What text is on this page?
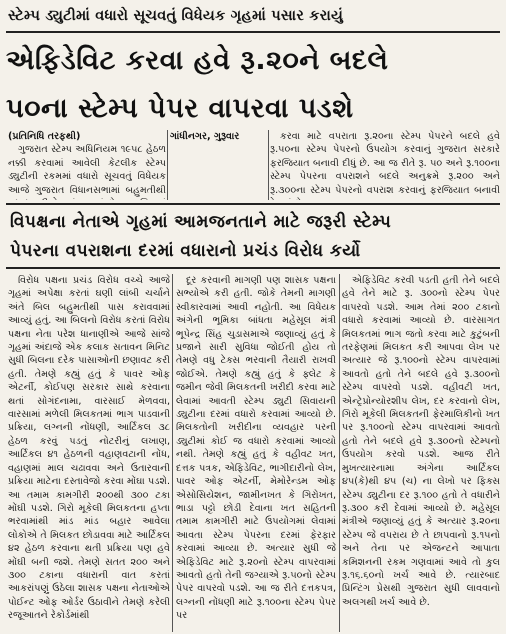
સ્ટેમ્પ ડ્યુટીમાં વધારો સૂચવતું વિધેયક ગૃહમાં પસાર કરાયું
એફિડેવિટ કરવા હવે રૂ.૨૦ને બદલે
૫૦ના સ્ટેમ્પ પેપર વાપરવા પડશે
(પ્રતિનિધિ તરફથી)

ગુજરાત સ્ટેમ્પ અધિનિયમ ૧૯૫૮ હેઠળ નક્કી કરવામાં આવેલી કેટલીક સ્ટેમ્પ ડ્યુટીની રકમમાં વધારો સૂચવતું વિધેયક આજે ગુજરાત વિધાનસભામાં બહુમતીથી

ગાંધીનગર, ગુરૂવાર	કરવા માટે વપરાતા રૂ.૨૦ના સ્ટેમ્પ પેપરને બદલે હવે રૂ.૫૦ના સ્ટેમ્પ પેપરનો ઉપયોગ કરવાનું ગુજરાત સરકારે ફરજિયાત બનાવી દીધું છે. આ જ રીતે રૂ. ૫૦ અને રૂ.૧૦૦ના સ્ટેમ્પ પેપરના વપરાશને બદલે અનુક્રમે રૂ.૨૦૦ અને રૂ.૩૦૦ના સ્ટેમ્પ પેપરનો વપરાશ કરવાનું ફરજિયાત બનાવી

વિપક્ષના નેતાએ ગૃહમાં આમજનતાને માટે જરૂરી સ્ટેમ્પ
પેપરના વપરાશના દરમાં વધારાનો પ્રચંડ વિરોધ કર્યો

વિરોધ પક્ષના પ્રચંડ વિરોધ વચ્ચે આજે ગૃહમાં અપેક્ષા કરતાં ઘણી લાંબી ચર્ચાને અંતે બિલ બહુમતીથી પાસ કરાવવામાં આવ્યું હતું. આ બિલનો વિરોધ કરતાં વિરોધ પક્ષના નેતા પરેશ ધાનાણીએ આજે સાંજે ગૃહમાં અંદાજે એક કલાક સતાવન મિનિટ સુધી બિલના દરેક પાસાઓની છણાવટ કરી હતી. તેમણે કહ્યું હતું કે પાવર ઓફ એટર્ની, કોઈપણ સરકાર સાથે કરવાના થતાં સોગંદનામા, વારસાઈ મેળવવા, વારસામાં મળેલી મિલકતમાં ભાગ પાડવાની પ્રક્રિયા, લગ્નની નોંધણી, આર્ટિકલ ૩૮ હેઠળ કરવું પડતું નોટરીનું લખાણ, આર્ટિકલ ૪૧ હેઠળની વહાણવટાની નોંધ, વહાણમાં માલ ચઢાવવા અને ઉતારવાની પ્રક્રિયા માટેના દસ્તાવેજો કરવા મોંઘા પડશે. આ તમામ કામગીરી ૨૦૦થી ૩૦૦ ટકા મોંઘી પડશે. ગિરો મૂકેલી મિલકતના હપ્તા ભરવામાંથી માંડ માંડ બહાર આવેલા લોકોએ તે મિલકત છોડાવવા માટે આર્ટિકલ ૪૨ હેઠળ કરવાના થતી પ્રક્રિયા પણ હવે મોંઘી બની જશે. તેમણે સતત ૨૦૦ અને ૩૦૦ ટકાના વધારાની વાત કરતાં આકરાંપણું ઉઠેલા શાસક પક્ષના નેતાઓએ પોઈન્ટ ઓફ ઓર્ડર ઉઠાવીને તેમણે કરેલી રજૂઆતને રેકોર્ડમાંથી

દૂર કરવાની માગણી પણ શાસક પક્ષના સભ્યોએ કરી હતી. જોકે તેમની માગણી સ્વીકારવામાં આવી નહોતી. આ વિધેયક અંગેની ભૂમિકા બાંધતા મહેસૂલ મંત્રી ભૂપેન્દ્ર સિંહ ચુડાસમાએ જણાવ્યું હતું કે પ્રજાને સારી સુવિધા જોઈતી હોય તો તેમણે વધુ ટેક્સ ભરવાની તૈયારી રાખવી જોઈએ. તેમણે કહ્યું હતું કે ફ્લેટ કે જમીન જેવી મિલકતની ખરીદી કરવા માટે લેવામાં આવતી સ્ટેમ્પ ડ્યુટી સિવાયની ડ્યુટીના દરમાં વધારો કરવામાં આવ્યો છે. મિલકતોની ખરીદીના વ્યવહાર પરની ડ્યુટીમાં કોઈ જ વધારો કરવામાં આવ્યો નથી. તેમણે કહ્યું હતું કે વહીવટ ખત, દત્તક પત્રક, એફિડેવિટ, ભાગીદારીનો લેખ, પાવર ઓફ એટર્ની, મેમોરેન્ડમ ઓફ એસોસિયેશન, જામીનખત કે ગિરોખત, ભાડા પટ્ટો છોડી દેવાના ખત સહિતની તમામ કામગીરી માટે ઉપયોગમાં લેવામાં આવતા સ્ટેમ્પ પેપરના દરમાં ફેરફાર કરવામાં આવ્યા છે. અત્યાર સુધી જે એફિડેવિટ માટે રૂ.૨૦નો સ્ટેમ્પ વાપરવામાં આવતો હતો તેની જગ્યાએ રૂ.૫૦નો સ્ટેમ્પ પેપર વાપરવો પડશે. આ જ રીતે દત્તકપત્ર, લગ્નની નોંધણી માટે રૂ.૧૦૦ના સ્ટેમ્પ પેપર પર

એફિડેવિટ કરવી પડતી હતી તેને બદલે હવે તેને માટે રૂ. ૩૦૦નો સ્ટેમ્પ પેપર વાપરવો પડશે. આમ તેમાં ૨૦૦ ટકાનો વધારો કરવામાં આવ્યો છે. વારસાગત મિલકતમાં ભાગ જતો કરવા માટે કુટુંબની તરફેણમાં મિલકત કરી આપવા લેખ પર અત્યાર જે રૂ.૧૦૦નો સ્ટેમ્પ વાપરવામાં આવતો હતો તેને બદલે હવે રૂ.૩૦૦નો સ્ટેમ્પ વાપરવો પડશે. વહીવટી ખત, એન્ટ્રેપ્રોન્યોરશીપ લેખ, દર કરવાનો લેખ, ગિરો મૂકેલી મિલકતની ફેરમાલિકીનો ખત પર રૂ.૧૦૦નો સ્ટેમ્પ વાપરવામાં આવતો હતો તેને બદલે હવે રૂ.૩૦૦નો સ્ટેમ્પનો ઉપયોગ કરવો પડશે. આજ રીતે મુખત્યારનામા અંગેના આર્ટિકલ ૪૫(કે)થી ૪૫ (ચ) ના લેખો પર ફિક્સ સ્ટેમ્પ ડ્યુટીના દર રૂ.૧૦૦ હતો તે વધારીને રૂ.૩૦૦ કરી દેવામાં આવ્યો છે. મહેસૂલ મંત્રીએ જણાવ્યું હતું કે અત્યાર રૂ.૨૦ના સ્ટેમ્પ જે વપરાય છે તે છાપવાનો રૂ.૧૫નો અને તેના પર એજન્ટને આપાતા કમિશનની રકમ ગણવામાં આવે તો કુલ રૂ.૧૬.૬૦નો ખર્ચ આવે છે. ત્યારબાદ પ્રિન્ટિંગ પ્રેસથી ગુજરાત સુધી લાવવાનો અલગથી ખર્ચ આવે છે.
